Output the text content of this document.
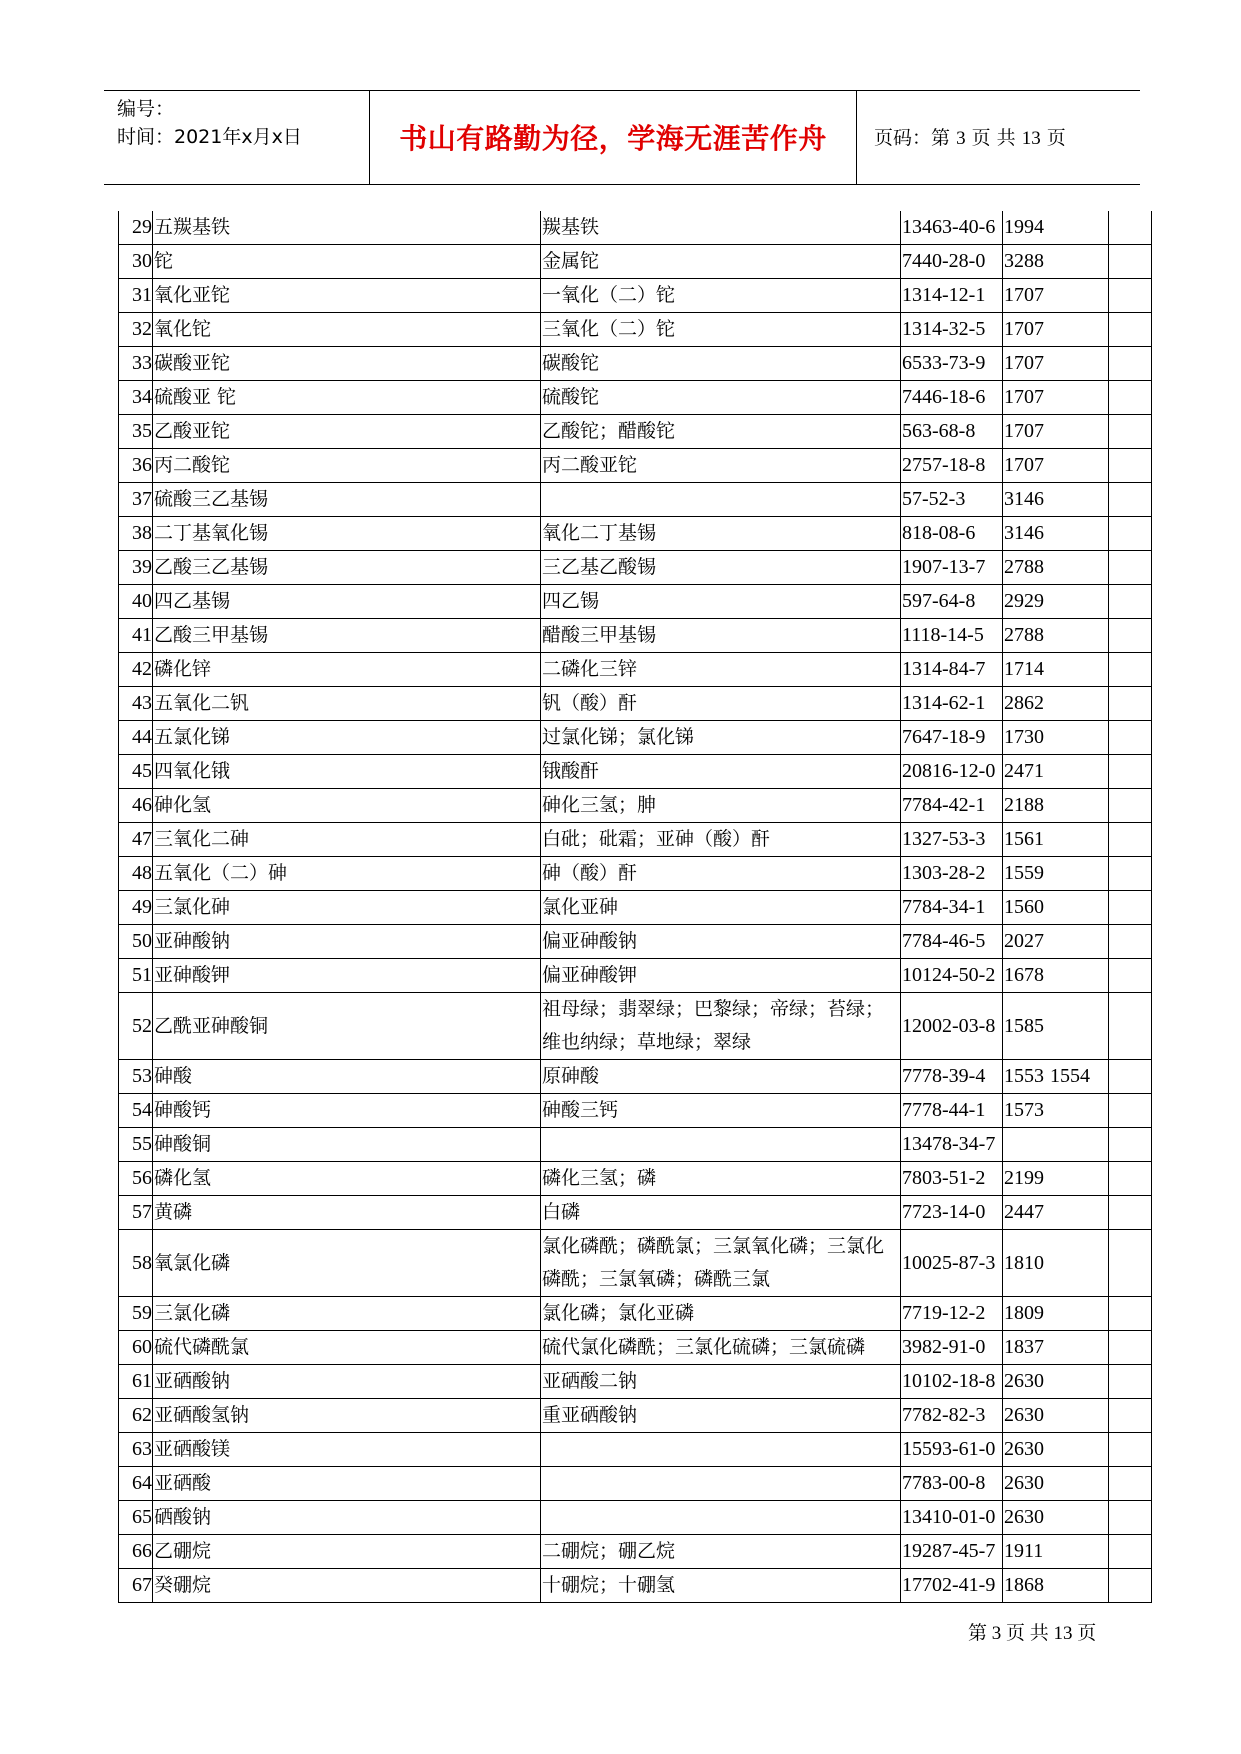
编号：
时间：2021年x月x日	书山有路勤为径，学海无涯苦作舟	页码：第 3 页 共 13 页
29	五羰基铁	羰基铁	13463-40-6	1994	
30	铊	金属铊	7440-28-0	3288	
31	氧化亚铊	一氧化（二）铊	1314-12-1	1707	
32	氧化铊	三氧化（二）铊	1314-32-5	1707	
33	碳酸亚铊	碳酸铊	6533-73-9	1707	
34	硫酸亚 铊	硫酸铊	7446-18-6	1707	
35	乙酸亚铊	乙酸铊；醋酸铊	563-68-8	1707	
36	丙二酸铊	丙二酸亚铊	2757-18-8	1707	
37	硫酸三乙基锡		57-52-3	3146	
38	二丁基氧化锡	氧化二丁基锡	818-08-6	3146	
39	乙酸三乙基锡	三乙基乙酸锡	1907-13-7	2788	
40	四乙基锡	四乙锡	597-64-8	2929	
41	乙酸三甲基锡	醋酸三甲基锡	1118-14-5	2788	
42	磷化锌	二磷化三锌	1314-84-7	1714	
43	五氧化二钒	钒（酸）酐	1314-62-1	2862	
44	五氯化锑	过氯化锑；氯化锑	7647-18-9	1730	
45	四氧化锇	锇酸酐	20816-12-0	2471	
46	砷化氢	砷化三氢；胂	7784-42-1	2188	
47	三氧化二砷	白砒；砒霜；亚砷（酸）酐	1327-53-3	1561	
48	五氧化（二）砷	砷（酸）酐	1303-28-2	1559	
49	三氯化砷	氯化亚砷	7784-34-1	1560	
50	亚砷酸钠	偏亚砷酸钠	7784-46-5	2027	
51	亚砷酸钾	偏亚砷酸钾	10124-50-2	1678	
52	乙酰亚砷酸铜	祖母绿；翡翠绿；巴黎绿；帝绿；苔绿；维也纳绿；草地绿；翠绿	12002-03-8	1585	
53	砷酸	原砷酸	7778-39-4	1553	1554
54	砷酸钙	砷酸三钙	7778-44-1	1573	
55	砷酸铜		13478-34-7		
56	磷化氢	磷化三氢；磷	7803-51-2	2199	
57	黄磷	白磷	7723-14-0	2447	
58	氧氯化磷	氯化磷酰；磷酰氯；三氯氧化磷；三氯化磷酰；三氯氧磷；磷酰三氯	10025-87-3	1810	
59	三氯化磷	氯化磷；氯化亚磷	7719-12-2	1809	
60	硫代磷酰氯	硫代氯化磷酰；三氯化硫磷；三氯硫磷	3982-91-0	1837	
61	亚硒酸钠	亚硒酸二钠	10102-18-8	2630	
62	亚硒酸氢钠	重亚硒酸钠	7782-82-3	2630	
63	亚硒酸镁		15593-61-0	2630	
64	亚硒酸		7783-00-8	2630	
65	硒酸钠		13410-01-0	2630	
66	乙硼烷	二硼烷；硼乙烷	19287-45-7	1911	
67	癸硼烷	十硼烷；十硼氢	17702-41-9	1868	
第 3 页 共 13 页
